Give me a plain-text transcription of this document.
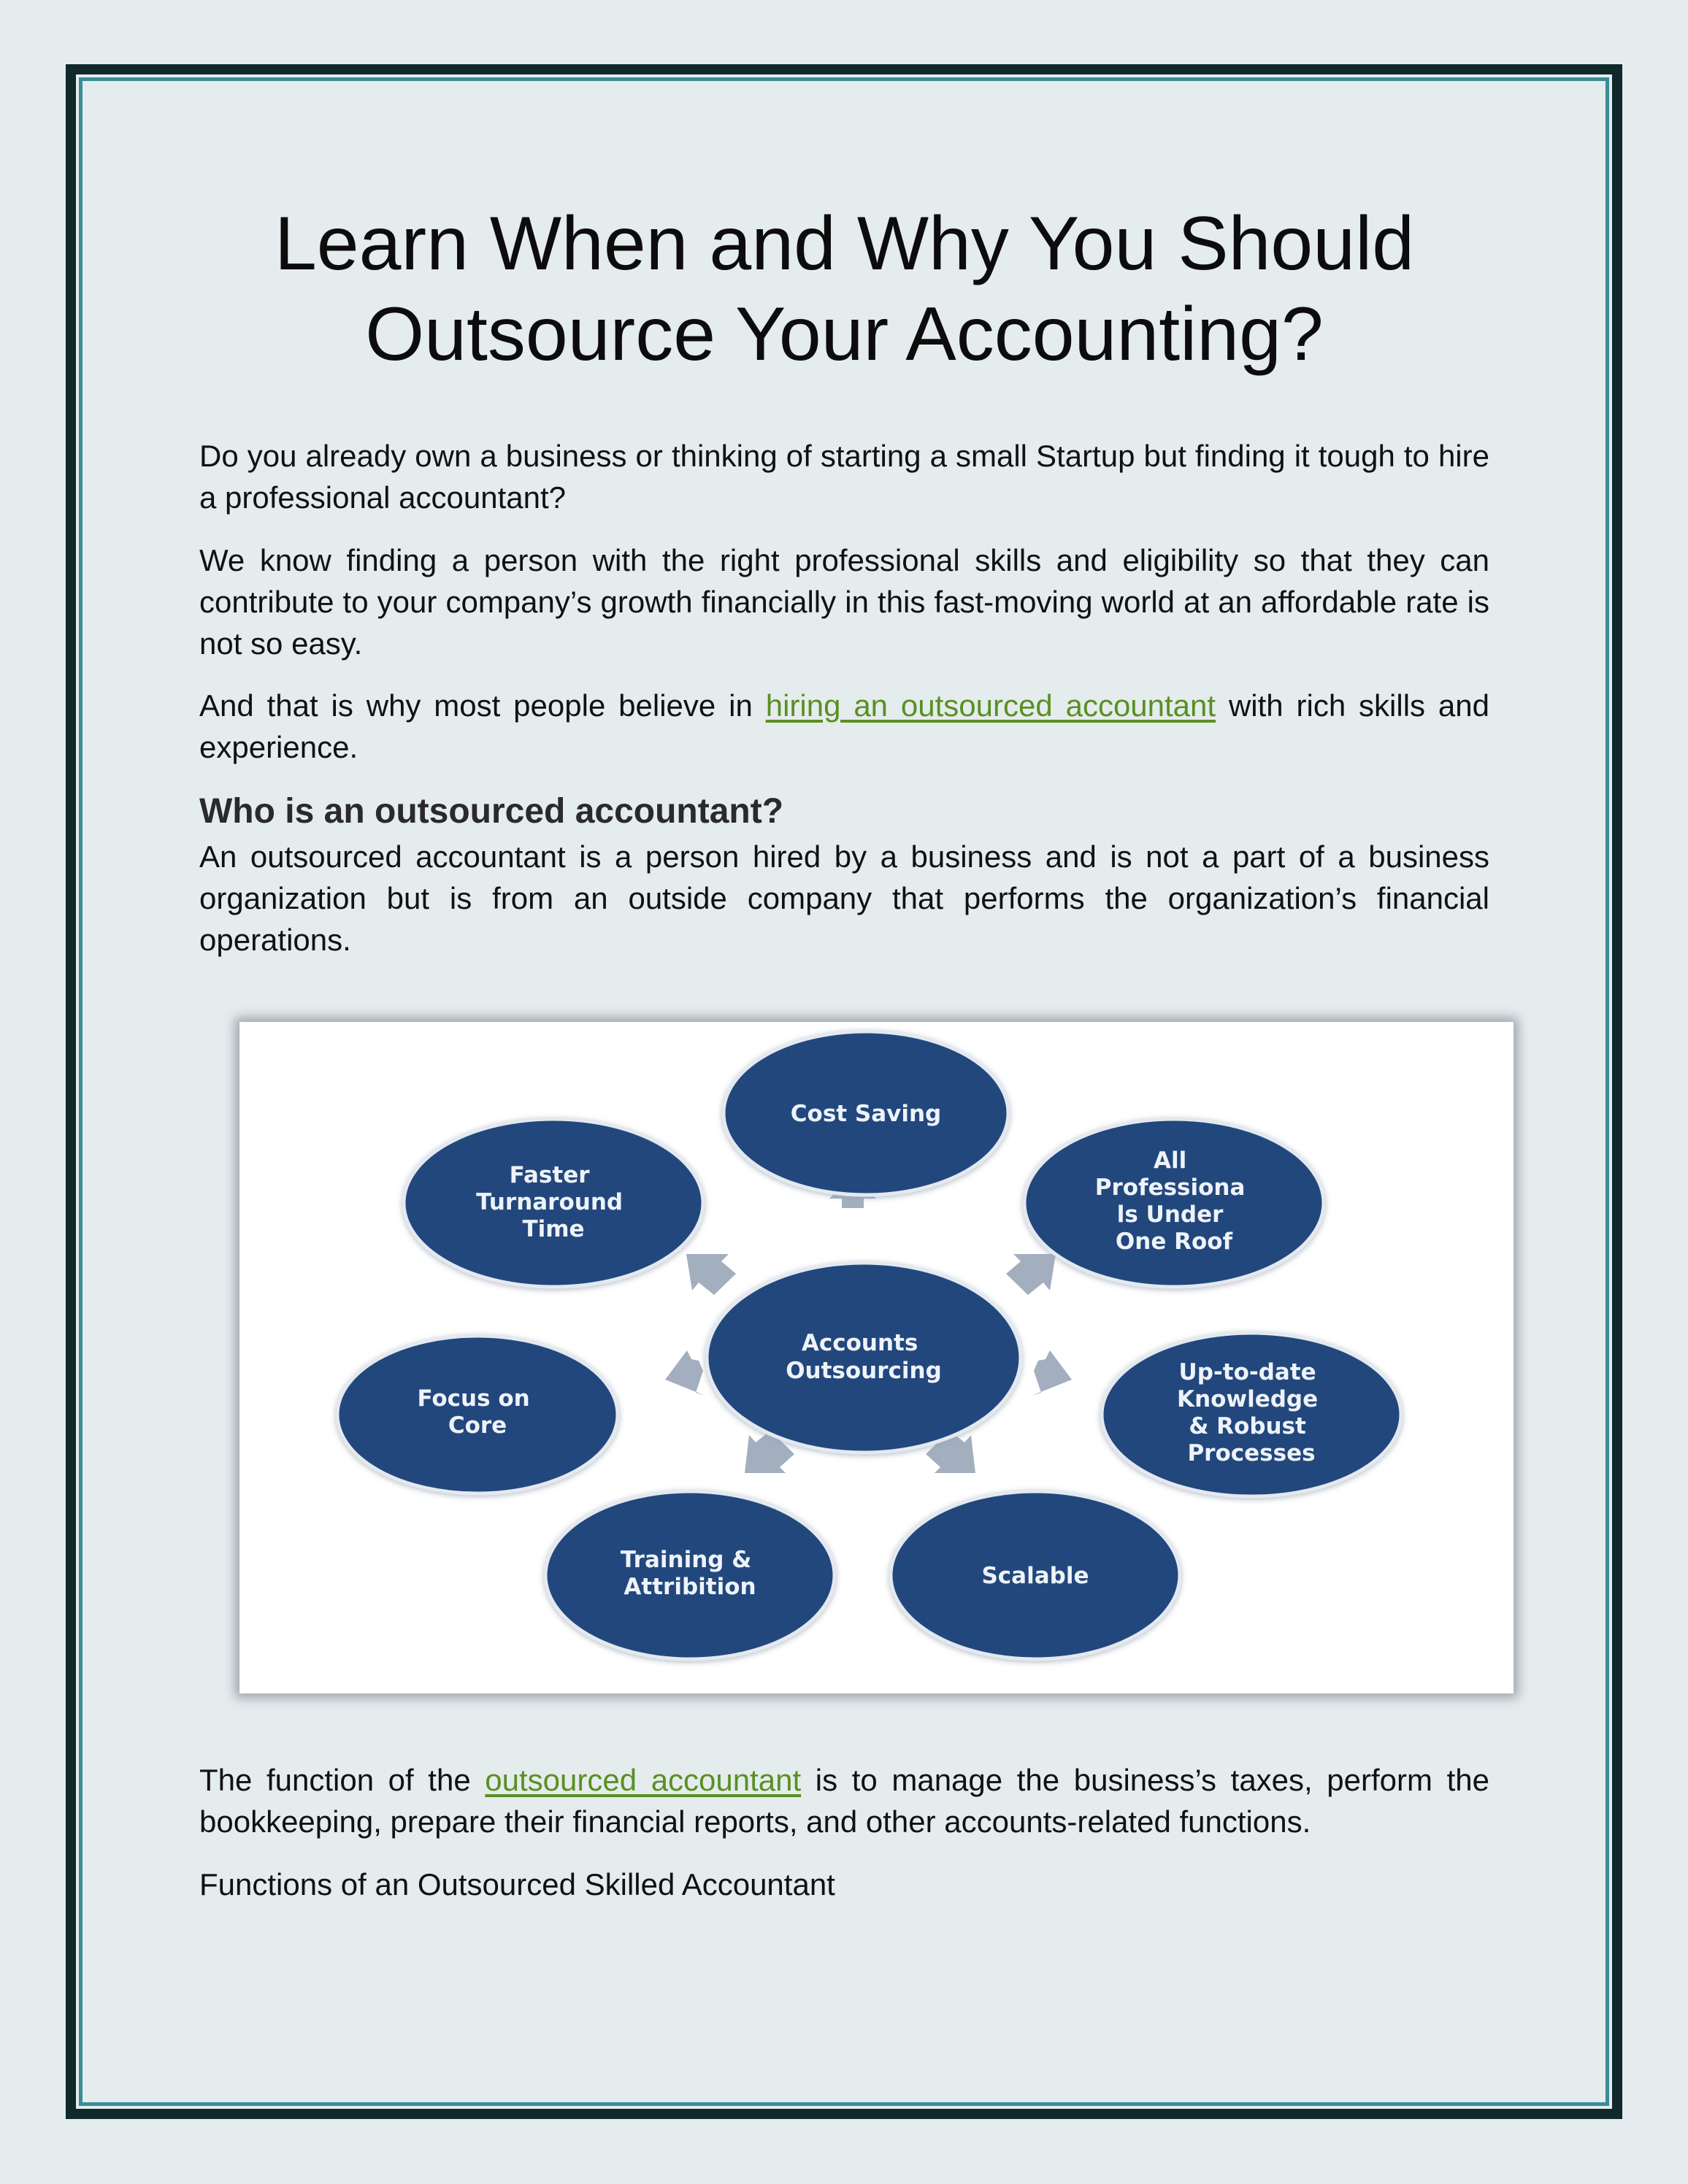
Learn When and Why You Should
Outsource Your Accounting?

Do you already own a business or thinking of starting a small Startup but finding it tough to hire a professional accountant?

We know finding a person with the right professional skills and eligibility so that they can contribute to your company’s growth financially in this fast-moving world at an affordable rate is not so easy.

And that is why most people believe in hiring an outsourced accountant with rich skills and experience.

Who is an outsourced accountant?

An outsourced accountant is a person hired by a business and is not a part of a business organization but is from an outside company that performs the organization’s financial operations.

The function of the outsourced accountant is to manage the business’s taxes, perform the bookkeeping, prepare their financial reports, and other accounts-related functions.

Functions of an Outsourced Skilled Accountant

Accounts Outsourcing
Cost Saving
All Professiona ls Under One Roof
Up-to-date Knowledge & Robust Processes
Scalable
Training & Attribition
Focus on Core
Faster Turnaround Time
